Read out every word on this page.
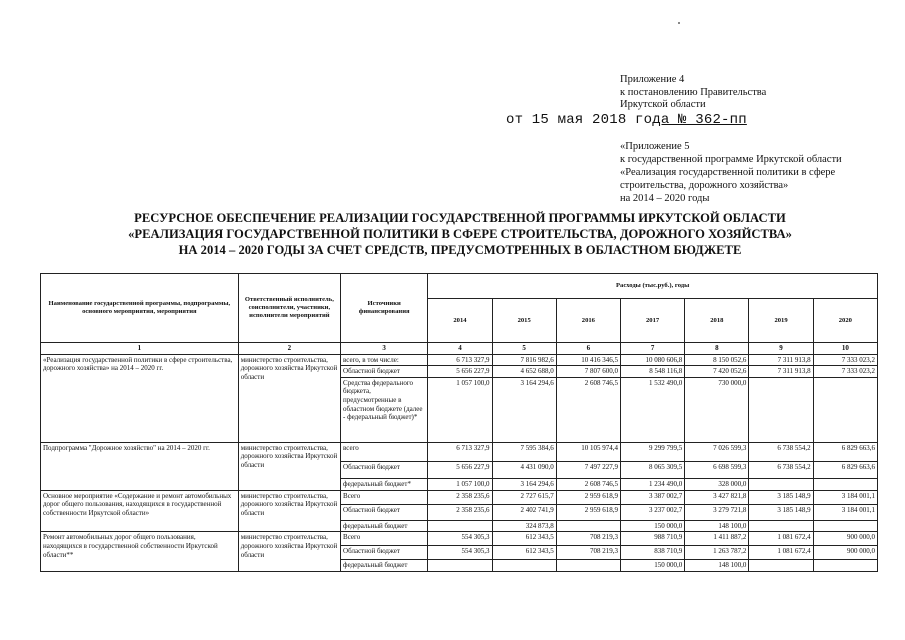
Приложение 4
к постановлению Правительства
Иркутской области
от 15 мая 2018 года № 362-пп
«Приложение 5
к государственной программе Иркутской области
«Реализация государственной политики в сфере
строительства, дорожного хозяйства»
на 2014 – 2020 годы
РЕСУРСНОЕ ОБЕСПЕЧЕНИЕ РЕАЛИЗАЦИИ ГОСУДАРСТВЕННОЙ ПРОГРАММЫ ИРКУТСКОЙ ОБЛАСТИ
«РЕАЛИЗАЦИЯ ГОСУДАРСТВЕННОЙ ПОЛИТИКИ В СФЕРЕ СТРОИТЕЛЬСТВА, ДОРОЖНОГО ХОЗЯЙСТВА»
НА 2014 – 2020 ГОДЫ ЗА СЧЕТ СРЕДСТВ, ПРЕДУСМОТРЕННЫХ В ОБЛАСТНОМ БЮДЖЕТЕ
Наименование государственной программы, подпрограммы, основного мероприятия, мероприятия	Ответственный исполнитель, соисполнители, участники, исполнители мероприятий	Источники финансирования	Расходы (тыс.руб.), годы						
			2014	2015	2016	2017	2018	2019	2020
1	2	3	4	5	6	7	8	9	10
«Реализация государственной политики в сфере строительства, дорожного хозяйства» на 2014 – 2020 гг.	министерство строительства, дорожного хозяйства Иркутской области	всего, в том числе:	6 713 327,9	7 816 982,6	10 416 346,5	10 080 606,8	8 150 052,6	7 311 913,8	7 333 023,2
		Областной бюджет	5 656 227,9	4 652 688,0	7 807 600,0	8 548 116,8	7 420 052,6	7 311 913,8	7 333 023,2
		Средства федерального бюджета, предусмотренные в областном бюджете (далее - федеральный бюджет)*	1 057 100,0	3 164 294,6	2 608 746,5	1 532 490,0	730 000,0		
Подпрограмма "Дорожное хозяйство" на 2014 – 2020 гг.	министерство строительства, дорожного хозяйства Иркутской области	всего	6 713 327,9	7 595 384,6	10 105 974,4	9 299 799,5	7 026 599,3	6 738 554,2	6 829 663,6
		Областной бюджет	5 656 227,9	4 431 090,0	7 497 227,9	8 065 309,5	6 698 599,3	6 738 554,2	6 829 663,6
		федеральный бюджет*	1 057 100,0	3 164 294,6	2 608 746,5	1 234 490,0	328 000,0		
Основное мероприятие «Содержание и ремонт автомобильных дорог общего пользования, находящихся в государственной собственности Иркутской области»	министерство строительства, дорожного хозяйства Иркутской области	Всего	2 358 235,6	2 727 615,7	2 959 618,9	3 387 002,7	3 427 821,8	3 185 148,9	3 184 001,1
		Областной бюджет	2 358 235,6	2 402 741,9	2 959 618,9	3 237 002,7	3 279 721,8	3 185 148,9	3 184 001,1
		федеральный бюджет		324 873,8		150 000,0	148 100,0		
Ремонт автомобильных дорог общего пользования, находящихся в государственной собственности Иркутской области**	министерство строительства, дорожного хозяйства Иркутской области	Всего	554 305,3	612 343,5	708 219,3	988 710,9	1 411 887,2	1 081 672,4	900 000,0
		Областной бюджет	554 305,3	612 343,5	708 219,3	838 710,9	1 263 787,2	1 081 672,4	900 000,0
		федеральный бюджет				150 000,0	148 100,0		
